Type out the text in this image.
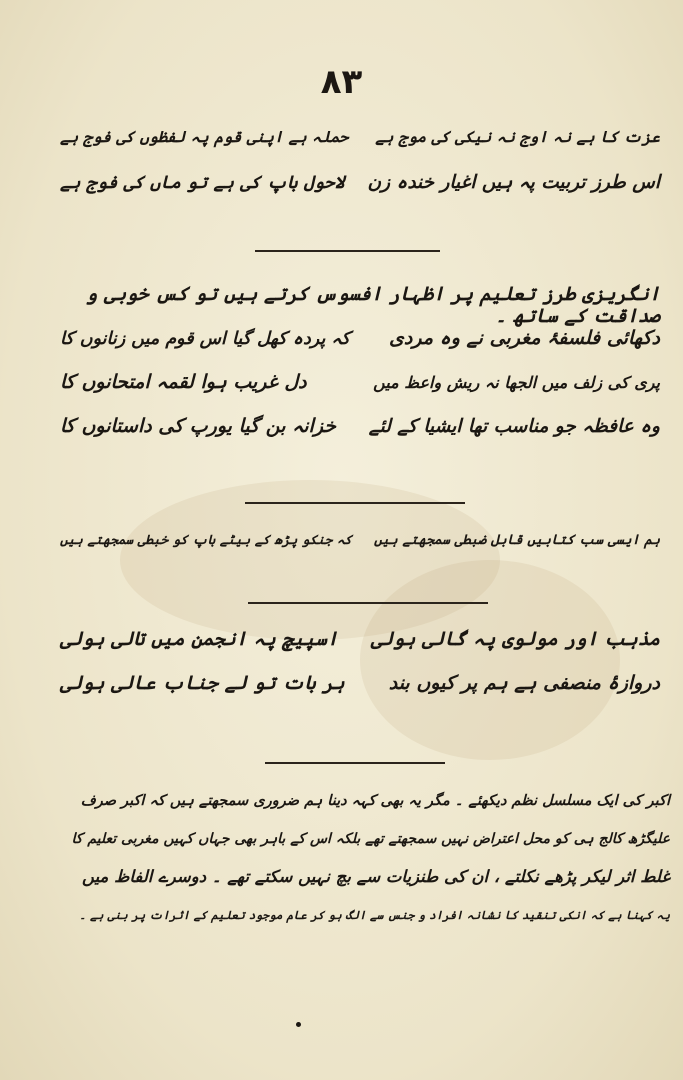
۸۳
عزت کا ہے نہ اوج نہ نیکی کی موج ہے
حملہ ہے اپنی قوم پہ لفظوں کی فوج ہے
اس طرز تربیت پہ ہیں اغیار خندہ زن
لاحول باپ کی ہے تو ماں کی فوج ہے
انگریزی طرز تعلیم پر اظہار افسوس کرتے ہیں تو کس خوبی و صداقت کے ساتھ ۔
دکھائی فلسفۂ مغربی نے وہ مردی
کہ پردہ کھل گیا اس قوم میں زنانوں کا
پری کی زلف میں الجھا نہ ریش واعظ میں
دل غریب ہوا لقمہ امتحانوں کا
وہ عافظہ جو مناسب تھا ایشیا کے لئے
خزانہ بن گیا یورپ کی داستانوں کا
ہم ایسی سب کتابیں قابل ضبطی سمجھتے ہیں
کہ جنکو پڑھ کے بیٹے باپ کو خبطی سمجھتے ہیں
مذہب اور مولوی پہ گالی ہولی
اسپیچ پہ انجمن میں تالی ہولی
دروازۂ منصفی ہے ہم پر کیوں بند
ہر بات تو لے جناب عالی ہولی
اکبر کی ایک مسلسل نظم دیکھئے ۔ مگر یہ بھی کہہ دینا ہم ضروری سمجھتے ہیں کہ اکبر صرف
علیگڑھ کالج ہی کو محل اعتراض نہیں سمجھتے تھے بلکہ اس کے باہر بھی جہاں کہیں مغربی تعلیم کا
غلط اثر لیکر پڑھے نکلتے ، ان کی طنزیات سے بچ نہیں سکتے تھے ۔ دوسرے الفاظ میں
یہ کہنا ہے کہ انکی تنقید کا نشانہ افراد و جنس سے الگ ہو کر عام موجود تعلیم کے اثرات پر بنی ہے ۔
